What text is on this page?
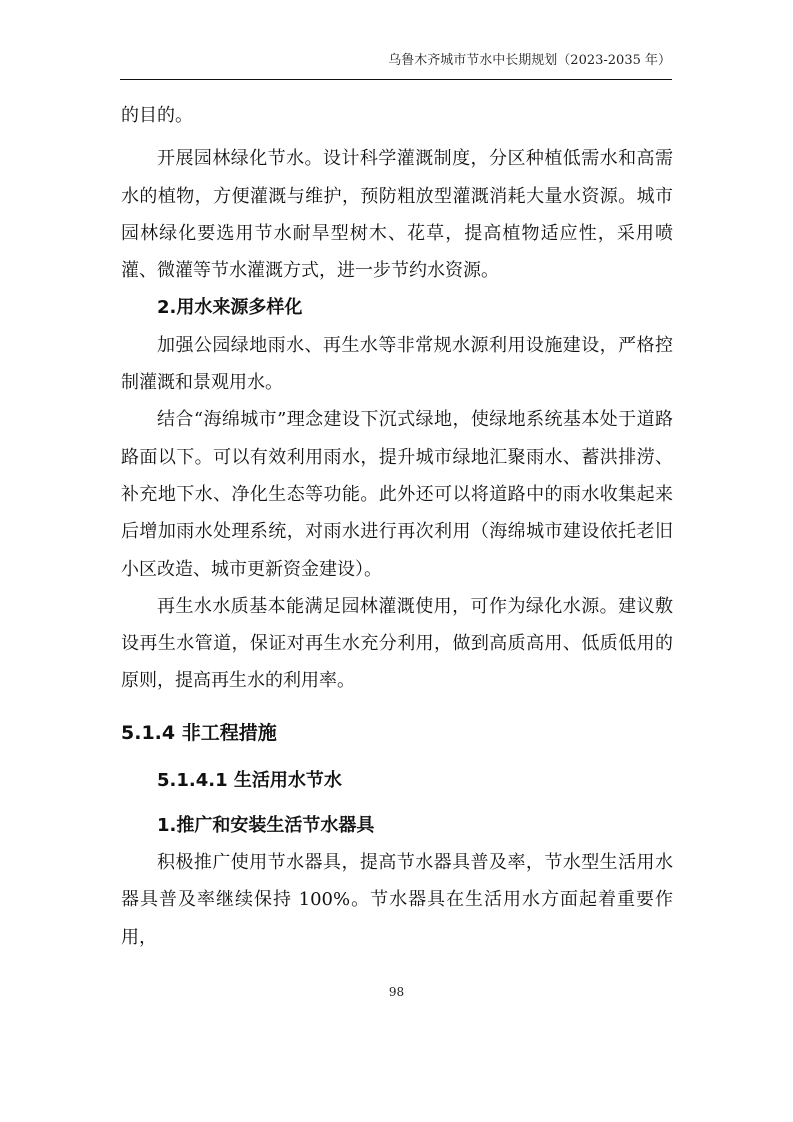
乌鲁木齐城市节水中长期规划（2023-2035 年）

的目的。

开展园林绿化节水。设计科学灌溉制度，分区种植低需水和高需水的植物，方便灌溉与维护，预防粗放型灌溉消耗大量水资源。城市园林绿化要选用节水耐旱型树木、花草，提高植物适应性，采用喷灌、微灌等节水灌溉方式，进一步节约水资源。

2.用水来源多样化

加强公园绿地雨水、再生水等非常规水源利用设施建设，严格控制灌溉和景观用水。

结合“海绵城市”理念建设下沉式绿地，使绿地系统基本处于道路路面以下。可以有效利用雨水，提升城市绿地汇聚雨水、蓄洪排涝、补充地下水、净化生态等功能。此外还可以将道路中的雨水收集起来后增加雨水处理系统，对雨水进行再次利用（海绵城市建设依托老旧小区改造、城市更新资金建设）。

再生水水质基本能满足园林灌溉使用，可作为绿化水源。建议敷设再生水管道，保证对再生水充分利用，做到高质高用、低质低用的原则，提高再生水的利用率。

5.1.4 非工程措施

5.1.4.1 生活用水节水

1.推广和安装生活节水器具

积极推广使用节水器具，提高节水器具普及率，节水型生活用水器具普及率继续保持 100%。节水器具在生活用水方面起着重要作用，

98
